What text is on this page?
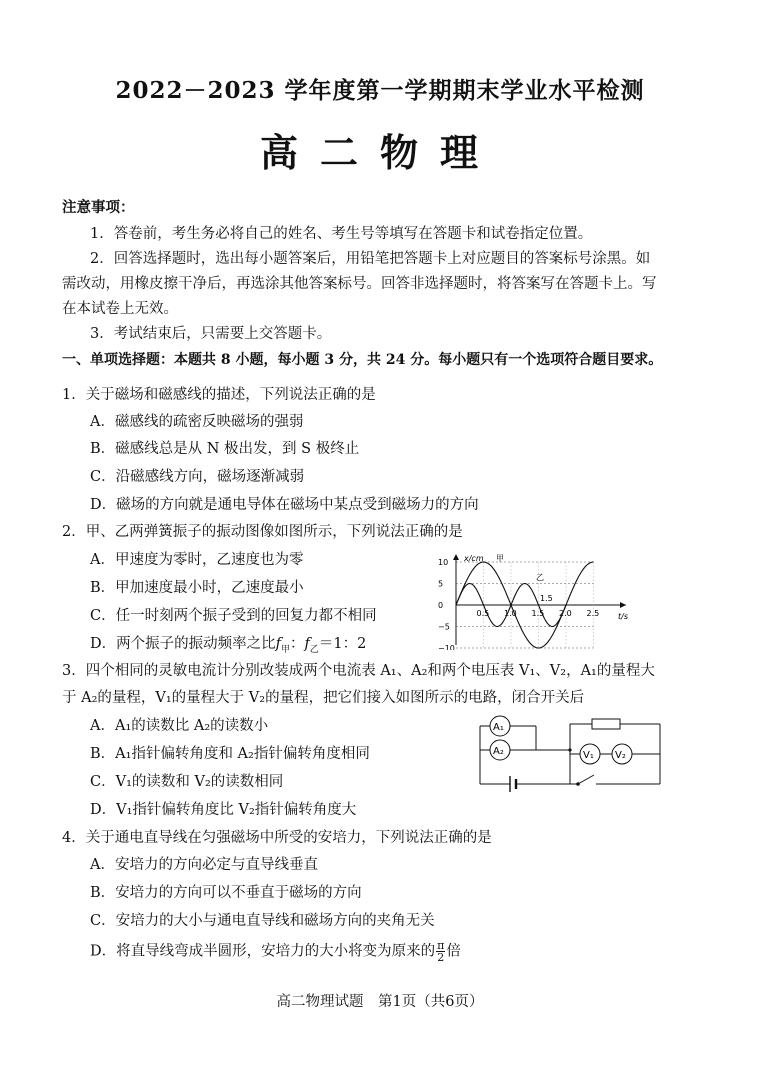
2022－2023 学年度第一学期期末学业水平检测
高二物理
注意事项：
1．答卷前，考生务必将自己的姓名、考生号等填写在答题卡和试卷指定位置。
2．回答选择题时，选出每小题答案后，用铅笔把答题卡上对应题目的答案标号涂黑。如
需改动，用橡皮擦干净后，再选涂其他答案标号。回答非选择题时，将答案写在答题卡上。写
在本试卷上无效。
3．考试结束后，只需要上交答题卡。
一、单项选择题：本题共 8 小题，每小题 3 分，共 24 分。每小题只有一个选项符合题目要求。
1．关于磁场和磁感线的描述，下列说法正确的是
A．磁感线的疏密反映磁场的强弱
B．磁感线总是从 N 极出发，到 S 极终止
C．沿磁感线方向，磁场逐渐减弱
D．磁场的方向就是通电导体在磁场中某点受到磁场力的方向
2．甲、乙两弹簧振子的振动图像如图所示，下列说法正确的是
A．甲速度为零时，乙速度也为零
B．甲加速度最小时，乙速度最小
C．任一时刻两个振子受到的回复力都不相同
D．两个振子的振动频率之比$f_甲$：$f_乙=1$：2
0.5 1.0 1.5 2.0 2.5
10
5
0
−5
−10
x/cm
t/s
甲
乙
1.5
3．四个相同的灵敏电流计分别改装成两个电流表 A₁、A₂和两个电压表 V₁、V₂，A₁的量程大
于 A₂的量程，V₁的量程大于 V₂的量程，把它们接入如图所示的电路，闭合开关后
A．A₁的读数比 A₂的读数小
B．A₁指针偏转角度和 A₂指针偏转角度相同
C．V₁的读数和 V₂的读数相同
D．V₁指针偏转角度比 V₂指针偏转角度大
A₁
A₂	V₁ V₂
4．关于通电直导线在匀强磁场中所受的安培力，下列说法正确的是
A．安培力的方向必定与直导线垂直
B．安培力的方向可以不垂直于磁场的方向
C．安培力的大小与通电直导线和磁场方向的夹角无关
D．将直导线弯成半圆形，安培力的大小将变为原来的 $\frac{\pi}{2}$ 倍
高二物理试题　第1页（共6页）
